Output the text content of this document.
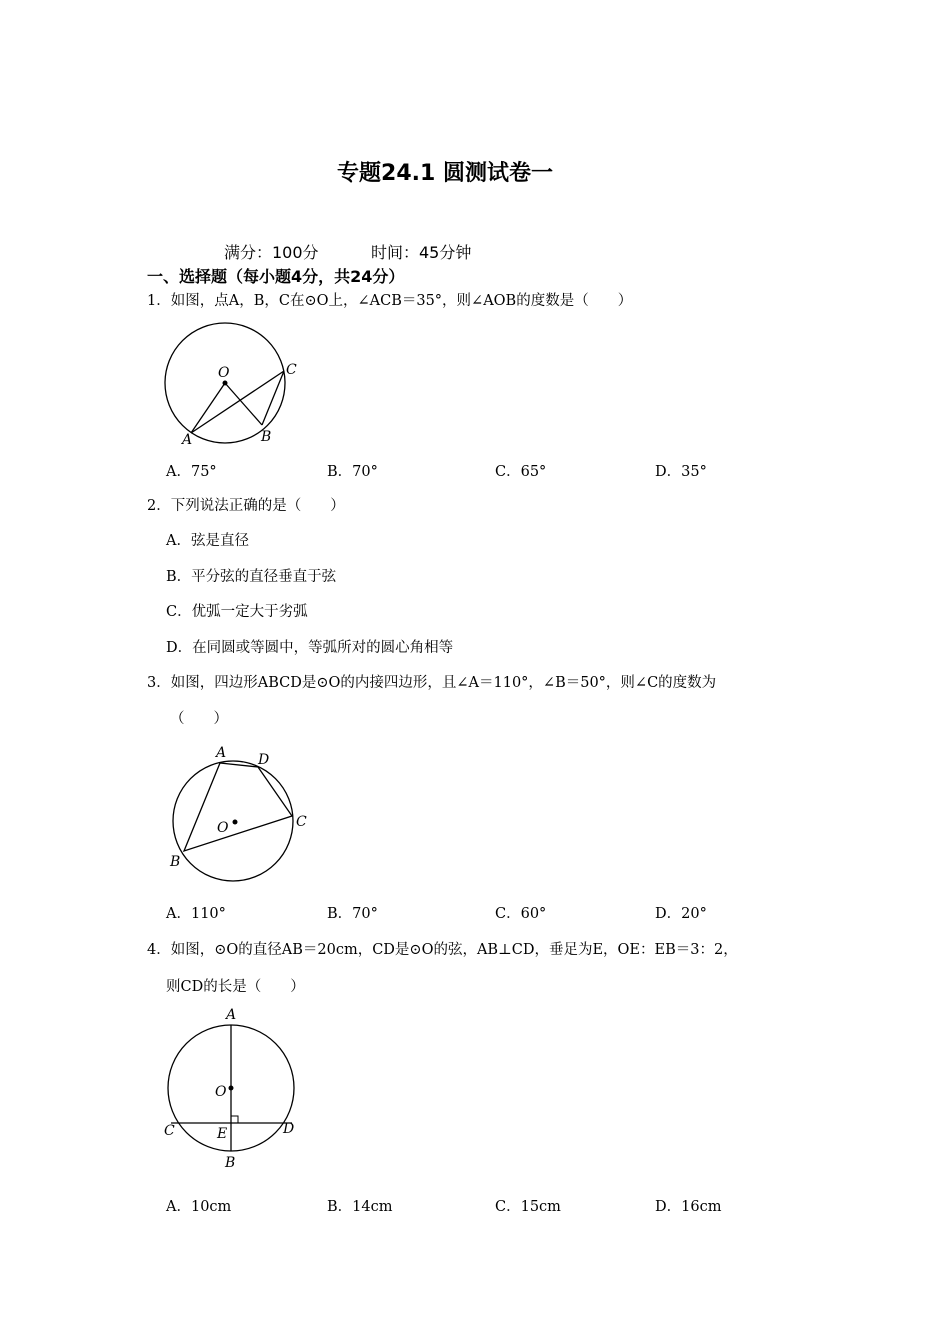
专题24.1 圆测试卷一
满分：100分	时间：45分钟
一、选择题（每小题4分，共24分）
1．如图，点A，B，C在⊙O上，∠ACB＝35°，则∠AOB的度数是（　　）
O
A	B
C
A．75°	B．70°	C．65°	D．35°
2．下列说法正确的是（　　）
A．弦是直径
B．平分弦的直径垂直于弦
C．优弧一定大于劣弧
D．在同圆或等圆中，等弧所对的圆心角相等
3．如图，四边形ABCD是⊙O的内接四边形，且∠A＝110°，∠B＝50°，则∠C的度数为
（　　）
A D
C
B
O
A．110°	B．70°	C．60°	D．20°
4．如图，⊙O的直径AB＝20cm，CD是⊙O的弦，AB⊥CD，垂足为E，OE：EB＝3：2，
则CD的长是（　　）
A
O
C	E	D
B
A．10cm	B．14cm	C．15cm	D．16cm
